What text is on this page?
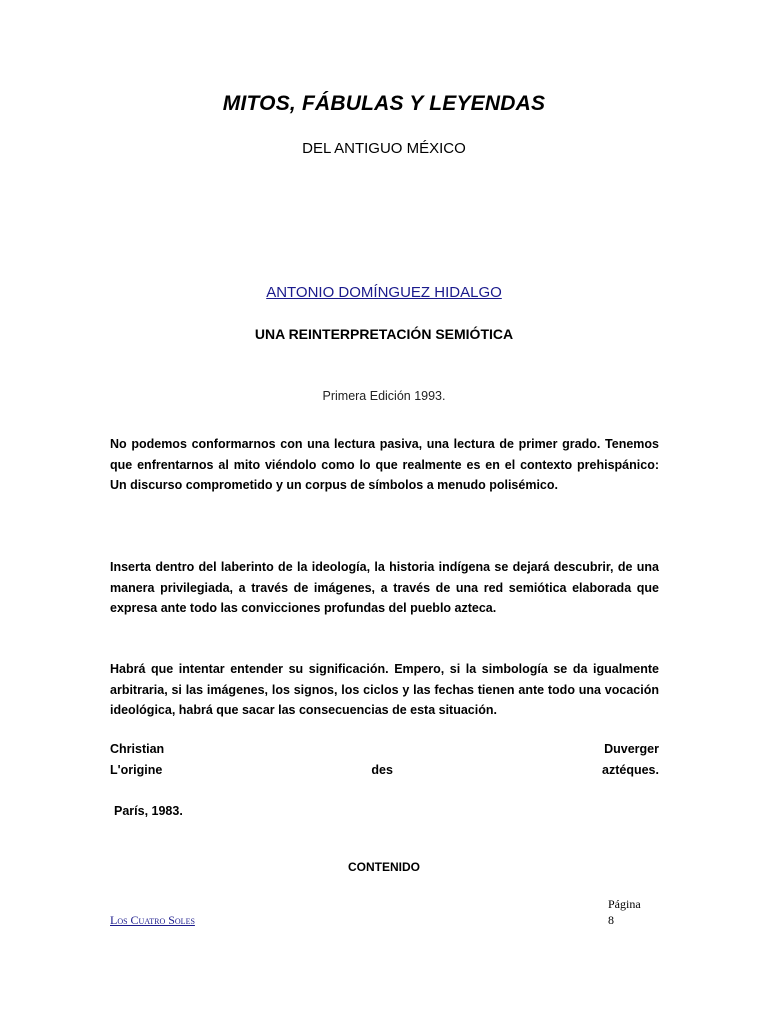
MITOS, FÁBULAS Y LEYENDAS
DEL ANTIGUO MÉXICO
ANTONIO DOMÍNGUEZ HIDALGO
UNA REINTERPRETACIÓN SEMIÓTICA
Primera Edición 1993.
No podemos conformarnos con una lectura pasiva, una lectura de primer grado. Tenemos que enfrentarnos al mito viéndolo como lo que realmente es en el contexto prehispánico: Un discurso comprometido y un corpus de símbolos a menudo polisémico.
Inserta dentro del laberinto de la ideología, la historia indígena se dejará descubrir, de una manera privilegiada, a través de imágenes, a través de una red semiótica elaborada que expresa ante todo las convicciones profundas del pueblo azteca.
Habrá que intentar entender su significación. Empero, si la simbología se da igualmente arbitraria, si las imágenes, los signos, los ciclos y las fechas tienen ante todo una vocación ideológica, habrá que sacar las consecuencias de esta situación.
Christian	Duverger
L'origine	des	aztéques.
París, 1983.
CONTENIDO
Los Cuatro Soles
Página
8
